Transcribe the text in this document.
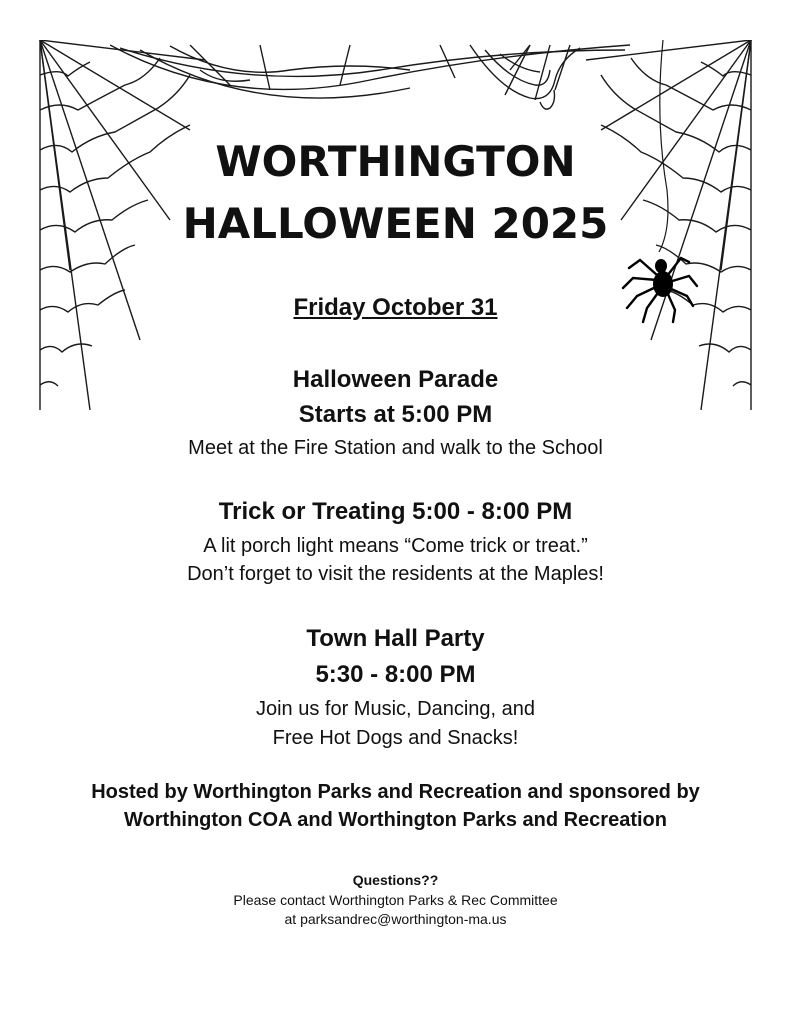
WORTHINGTON
HALLOWEEN 2025

Friday October 31

Halloween Parade

Starts at 5:00 PM

Meet at the Fire Station and walk to the School

Trick or Treating 5:00 - 8:00 PM

A lit porch light means “Come trick or treat.”

Don’t forget to visit the residents at the Maples!

Town Hall Party

5:30 - 8:00 PM

Join us for Music, Dancing, and

Free Hot Dogs and Snacks!

Hosted by Worthington Parks and Recreation and sponsored by

Worthington COA and Worthington Parks and Recreation

Questions??

Please contact Worthington Parks & Rec Committee

at parksandrec@worthington-ma.us
